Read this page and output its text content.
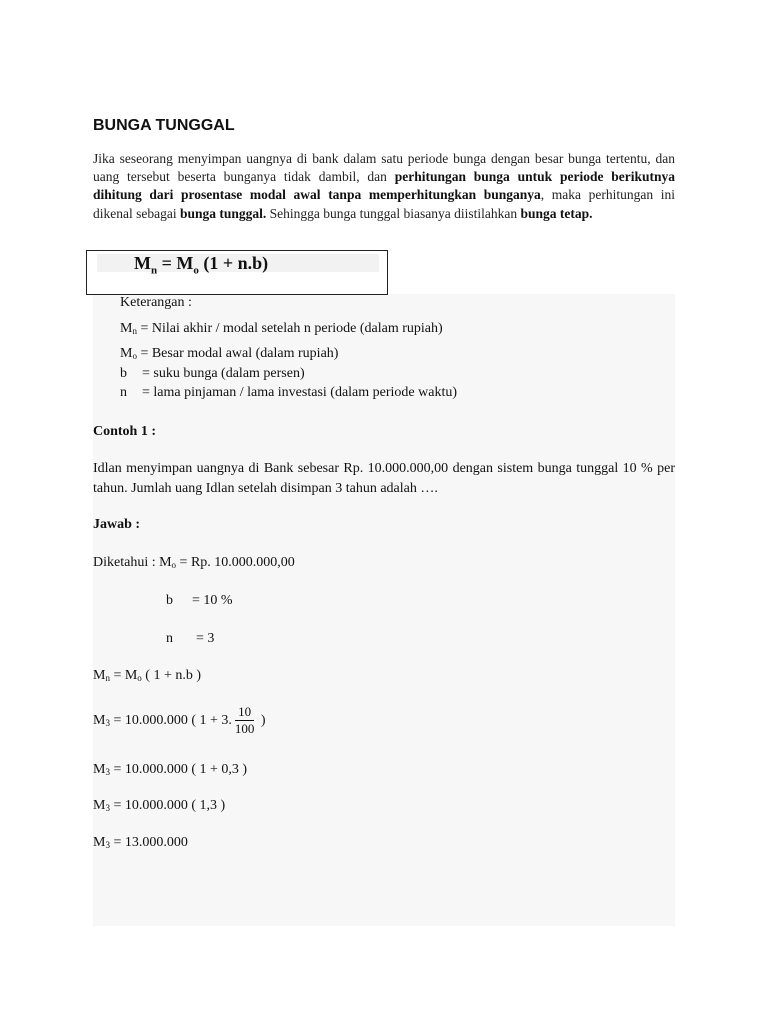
BUNGA TUNGGAL
Jika seseorang menyimpan uangnya di bank dalam satu periode bunga dengan besar bunga tertentu, dan uang tersebut beserta bunganya tidak dambil, dan perhitungan bunga untuk periode berikutnya dihitung dari prosentase modal awal tanpa memperhitungkan bunganya, maka perhitungan ini dikenal sebagai bunga tunggal. Sehingga bunga tunggal biasanya diistilahkan bunga tetap.
$M_n = M_o$ (1 + n.b)
Keterangan :
$M_n$ = Nilai akhir / modal setelah n periode (dalam rupiah)
$M_o$ = Besar modal awal (dalam rupiah)
b = suku bunga (dalam persen)
n = lama pinjaman / lama investasi (dalam periode waktu)
Contoh 1 :
Idlan menyimpan uangnya di Bank sebesar Rp. 10.000.000,00 dengan sistem bunga tunggal 10 % per tahun. Jumlah uang Idlan setelah disimpan 3 tahun adalah ….
Jawab :
Diketahui : $M_o = Rp$. 10.000.000,00
b = 10 %
n = 3
$M_n = M_o$ ( 1 + n.b )
$M_3 = 10.000.000$ ( 1 + 3. $\frac{10}{100}$ )
$M_3 = 10.000.000$ ( 1 + 0,3 )
$M_3 = 10.000.000$ ( 1,3 )
$M_3 = 13.000.000$
